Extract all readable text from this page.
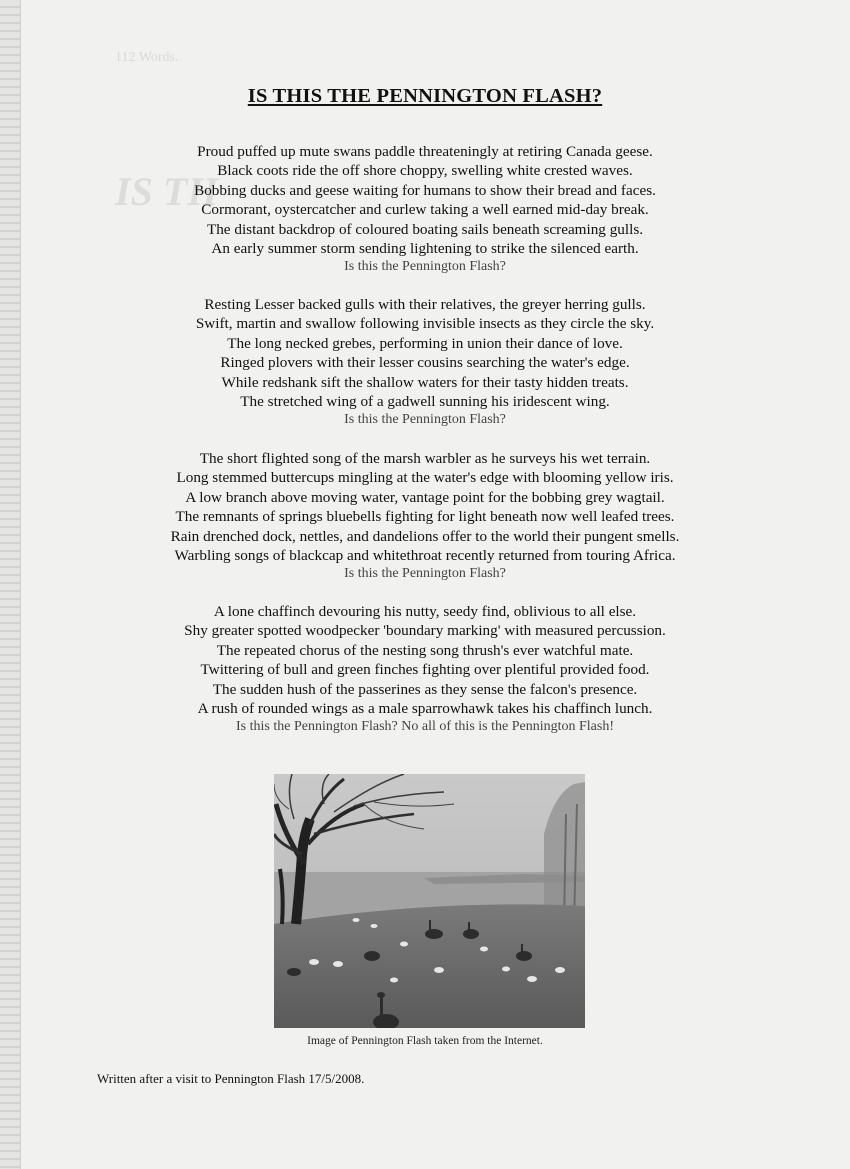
112 Words.
IS TH
IS THIS THE PENNINGTON FLASH?
Proud puffed up mute swans paddle threateningly at retiring Canada geese.
Black coots ride the off shore choppy, swelling white crested waves.
Bobbing ducks and geese waiting for humans to show their bread and faces.
Cormorant, oystercatcher and curlew taking a well earned mid-day break.
The distant backdrop of coloured boating sails beneath screaming gulls.
An early summer storm sending lightening to strike the silenced earth.
Is this the Pennington Flash?
Resting Lesser backed gulls with their relatives, the greyer herring gulls.
Swift, martin and swallow following invisible insects as they circle the sky.
The long necked grebes, performing in union their dance of love.
Ringed plovers with their lesser cousins searching the water's edge.
While redshank sift the shallow waters for their tasty hidden treats.
The stretched wing of a gadwell sunning his iridescent wing.
Is this the Pennington Flash?
The short flighted song of the marsh warbler as he surveys his wet terrain.
Long stemmed buttercups mingling at the water's edge with blooming yellow iris.
A low branch above moving water, vantage point for the bobbing grey wagtail.
The remnants of springs bluebells fighting for light beneath now well leafed trees.
Rain drenched dock, nettles, and dandelions offer to the world their pungent smells.
Warbling songs of blackcap and whitethroat recently returned from touring Africa.
Is this the Pennington Flash?
A lone chaffinch devouring his nutty, seedy find, oblivious to all else.
Shy greater spotted woodpecker 'boundary marking' with measured percussion.
The repeated chorus of the nesting song thrush's ever watchful mate.
Twittering of bull and green finches fighting over plentiful provided food.
The sudden hush of the passerines as they sense the falcon's presence.
A rush of rounded wings as a male sparrowhawk takes his chaffinch lunch.
Is this the Pennington Flash? No all of this is the Pennington Flash!
Image of Pennington Flash taken from the Internet.
Written after a visit to Pennington Flash 17/5/2008.
